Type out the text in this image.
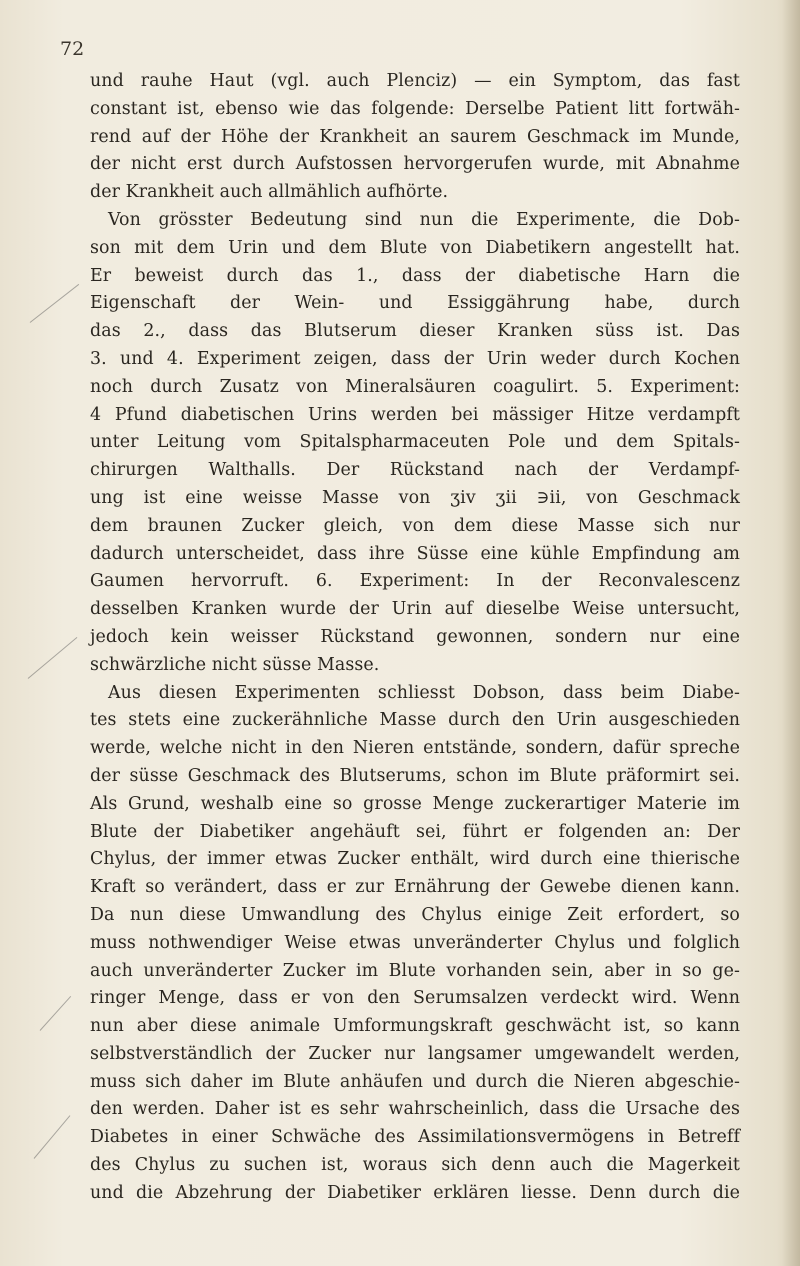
72
und rauhe Haut (vgl. auch Plenciz) — ein Symptom, das fast
constant ist, ebenso wie das folgende: Derselbe Patient litt fortwäh-
rend auf der Höhe der Krankheit an saurem Geschmack im Munde,
der nicht erst durch Aufstossen hervorgerufen wurde, mit Abnahme
der Krankheit auch allmählich aufhörte.
Von grösster Bedeutung sind nun die Experimente, die Dob-
son mit dem Urin und dem Blute von Diabetikern angestellt hat.
Er beweist durch das 1., dass der diabetische Harn die
Eigenschaft der Wein- und Essiggährung habe, durch
das 2., dass das Blutserum dieser Kranken süss ist. Das
3. und 4. Experiment zeigen, dass der Urin weder durch Kochen
noch durch Zusatz von Mineralsäuren coagulirt. 5. Experiment:
4 Pfund diabetischen Urins werden bei mässiger Hitze verdampft
unter Leitung vom Spitalspharmaceuten Pole und dem Spitals-
chirurgen Walthalls. Der Rückstand nach der Verdampf-
ung ist eine weisse Masse von ʒiv ʒii ∋ii, von Geschmack
dem braunen Zucker gleich, von dem diese Masse sich nur
dadurch unterscheidet, dass ihre Süsse eine kühle Empfindung am
Gaumen hervorruft. 6. Experiment: In der Reconvalescenz
desselben Kranken wurde der Urin auf dieselbe Weise untersucht,
jedoch kein weisser Rückstand gewonnen, sondern nur eine
schwärzliche nicht süsse Masse.
Aus diesen Experimenten schliesst Dobson, dass beim Diabe-
tes stets eine zuckerähnliche Masse durch den Urin ausgeschieden
werde, welche nicht in den Nieren entstände, sondern, dafür spreche
der süsse Geschmack des Blutserums, schon im Blute präformirt sei.
Als Grund, weshalb eine so grosse Menge zuckerartiger Materie im
Blute der Diabetiker angehäuft sei, führt er folgenden an: Der
Chylus, der immer etwas Zucker enthält, wird durch eine thierische
Kraft so verändert, dass er zur Ernährung der Gewebe dienen kann.
Da nun diese Umwandlung des Chylus einige Zeit erfordert, so
muss nothwendiger Weise etwas unveränderter Chylus und folglich
auch unveränderter Zucker im Blute vorhanden sein, aber in so ge-
ringer Menge, dass er von den Serumsalzen verdeckt wird. Wenn
nun aber diese animale Umformungskraft geschwächt ist, so kann
selbstverständlich der Zucker nur langsamer umgewandelt werden,
muss sich daher im Blute anhäufen und durch die Nieren abgeschie-
den werden. Daher ist es sehr wahrscheinlich, dass die Ursache des
Diabetes in einer Schwäche des Assimilationsvermögens in Betreff
des Chylus zu suchen ist, woraus sich denn auch die Magerkeit
und die Abzehrung der Diabetiker erklären liesse. Denn durch die
